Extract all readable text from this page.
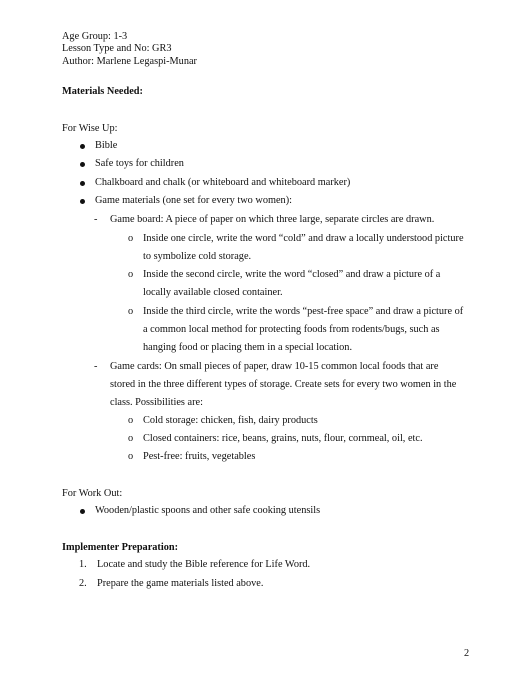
Age Group: 1-3
Lesson Type and No: GR3
Author: Marlene Legaspi-Munar
Materials Needed:
For Wise Up:
Bible
Safe toys for children
Chalkboard and chalk (or whiteboard and whiteboard marker)
Game materials (one set for every two women):
- Game board: A piece of paper on which three large, separate circles are drawn.
o Inside one circle, write the word “cold” and draw a locally understood picture
to symbolize cold storage.
o Inside the second circle, write the word “closed” and draw a picture of a
locally available closed container.
o Inside the third circle, write the words “pest-free space” and draw a picture of
a common local method for protecting foods from rodents/bugs, such as
hanging food or placing them in a special location.
- Game cards: On small pieces of paper, draw 10-15 common local foods that are
stored in the three different types of storage. Create sets for every two women in the
class. Possibilities are:
o Cold storage: chicken, fish, dairy products
o Closed containers: rice, beans, grains, nuts, flour, cornmeal, oil, etc.
o Pest-free: fruits, vegetables
For Work Out:
Wooden/plastic spoons and other safe cooking utensils
Implementer Preparation:
1. Locate and study the Bible reference for Life Word.
2. Prepare the game materials listed above.
2
